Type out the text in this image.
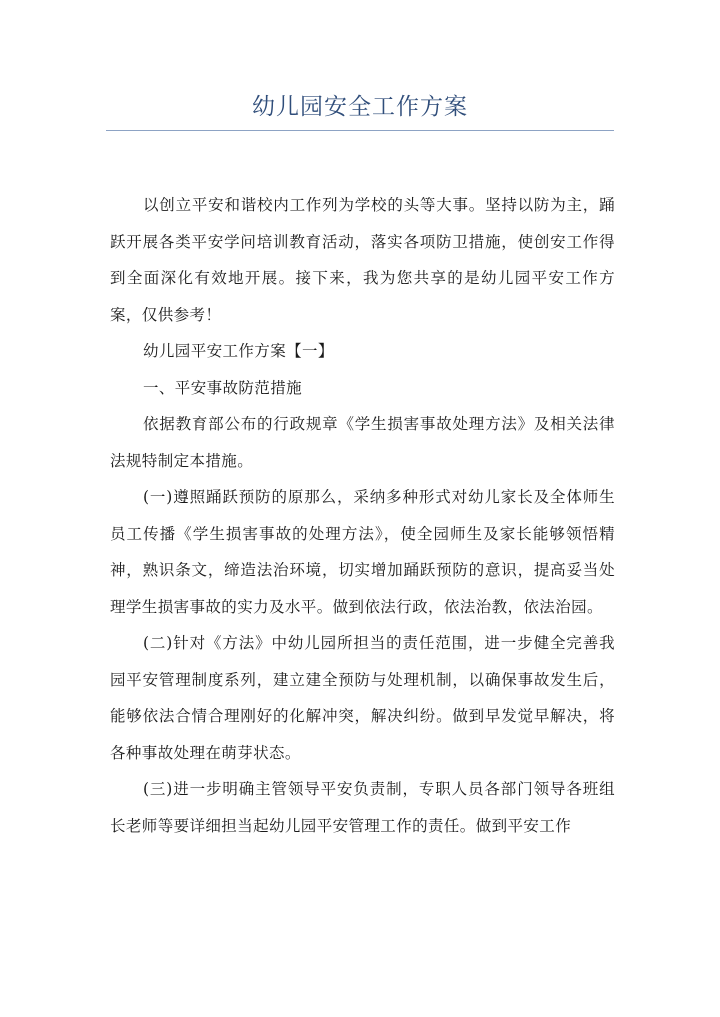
幼儿园安全工作方案

以创立平安和谐校内工作列为学校的头等大事。坚持以防为主，踊跃开展各类平安学问培训教育活动，落实各项防卫措施，使创安工作得到全面深化有效地开展。接下来，我为您共享的是幼儿园平安工作方案，仅供参考！

幼儿园平安工作方案【一】

一、平安事故防范措施

依据教育部公布的行政规章《学生损害事故处理方法》及相关法律法规特制定本措施。

(一)遵照踊跃预防的原那么，采纳多种形式对幼儿家长及全体师生员工传播《学生损害事故的处理方法》，使全园师生及家长能够领悟精神，熟识条文，缔造法治环境，切实增加踊跃预防的意识，提高妥当处理学生损害事故的实力及水平。做到依法行政，依法治教，依法治园。

(二)针对《方法》中幼儿园所担当的责任范围，进一步健全完善我园平安管理制度系列，建立建全预防与处理机制，以确保事故发生后，能够依法合情合理刚好的化解冲突，解决纠纷。做到早发觉早解决，将各种事故处理在萌芽状态。

(三)进一步明确主管领导平安负责制，专职人员各部门领导各班组长老师等要详细担当起幼儿园平安管理工作的责任。做到平安工作
